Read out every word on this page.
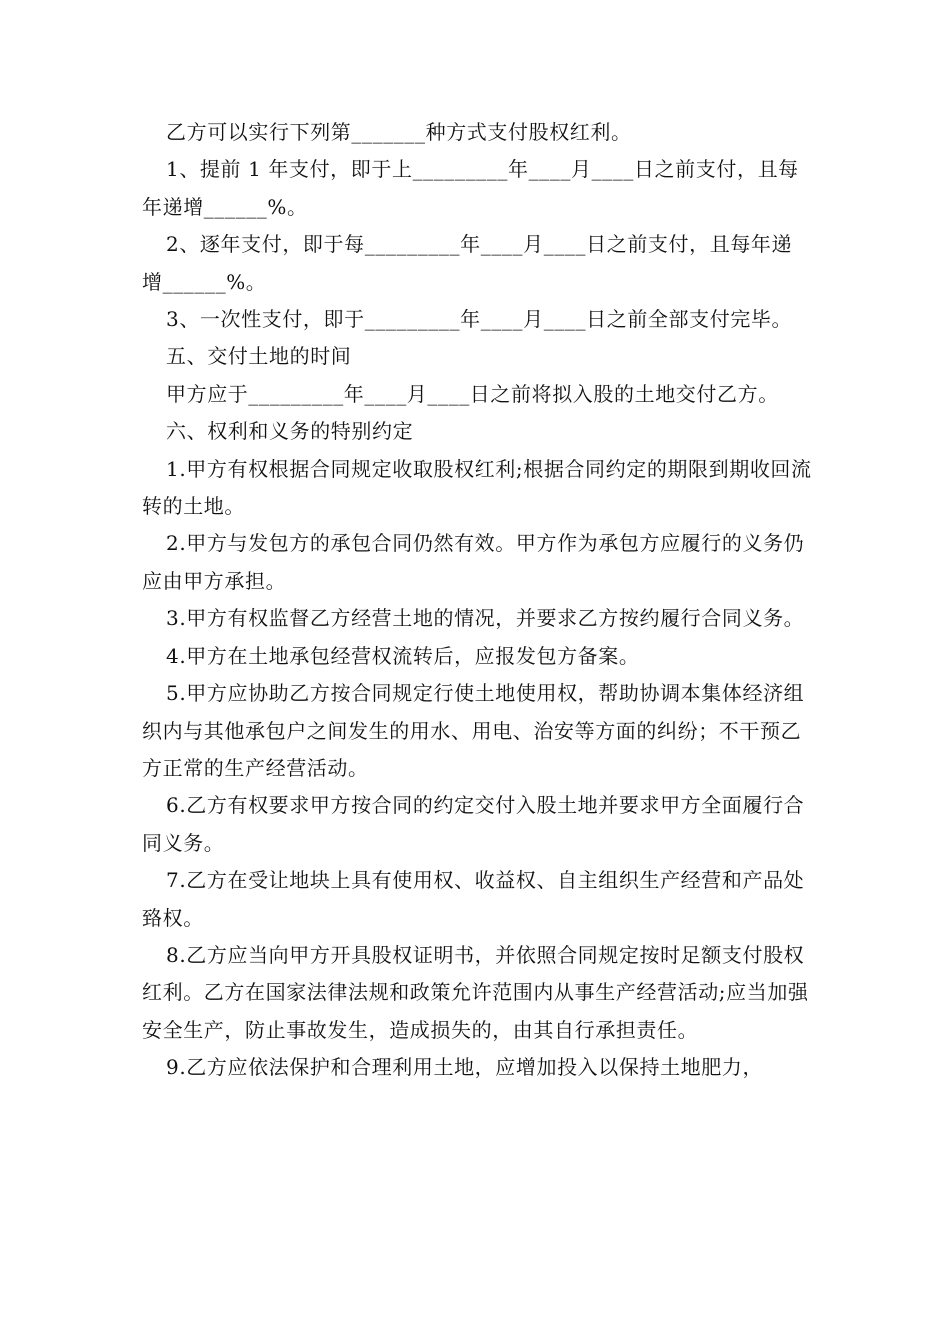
乙方可以实行下列第_______种方式支付股权红利。

1、提前 1 年支付，即于上_________年____月____日之前支付，且每年递增______%。

2、逐年支付，即于每_________年____月____日之前支付，且每年递增______%。

3、一次性支付，即于_________年____月____日之前全部支付完毕。

五、交付土地的时间

甲方应于_________年____月____日之前将拟入股的土地交付乙方。

六、权利和义务的特别约定

1.甲方有权根据合同规定收取股权红利;根据合同约定的期限到期收回流转的土地。

2.甲方与发包方的承包合同仍然有效。甲方作为承包方应履行的义务仍应由甲方承担。

3.甲方有权监督乙方经营土地的情况，并要求乙方按约履行合同义务。

4.甲方在土地承包经营权流转后，应报发包方备案。

5.甲方应协助乙方按合同规定行使土地使用权，帮助协调本集体经济组织内与其他承包户之间发生的用水、用电、治安等方面的纠纷；不干预乙方正常的生产经营活动。

6.乙方有权要求甲方按合同的约定交付入股土地并要求甲方全面履行合同义务。

7.乙方在受让地块上具有使用权、收益权、自主组织生产经营和产品处臵权。

8.乙方应当向甲方开具股权证明书，并依照合同规定按时足额支付股权红利。乙方在国家法律法规和政策允许范围内从事生产经营活动;应当加强安全生产，防止事故发生，造成损失的，由其自行承担责任。

9.乙方应依法保护和合理利用土地，应增加投入以保持土地肥力，
